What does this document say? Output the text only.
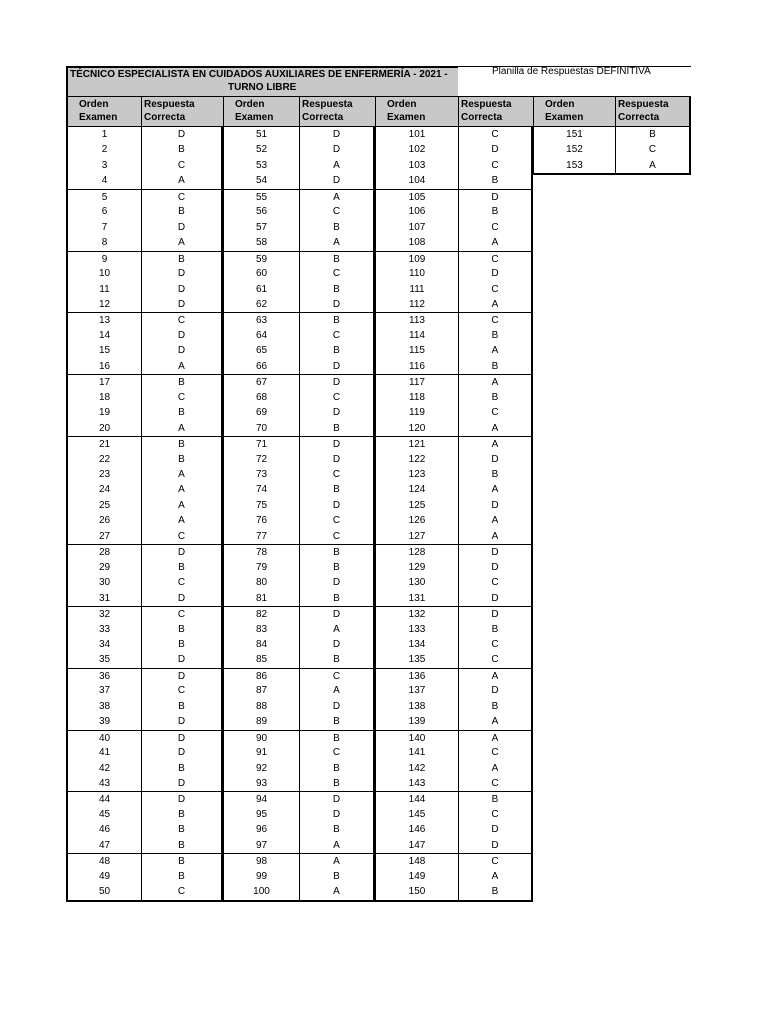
TÉCNICO ESPECIALISTA EN CUIDADOS AUXILIARES DE ENFERMERÍA - 2021 -
TURNO LIBRE
Planilla de Respuestas DEFINITIVA
Orden
Examen
Respuesta
Correcta
1
2
3
4
5
6
7
8
9
10
11
12
13
14
15
16
17
18
19
20
21
22
23
24
25
26
27
28
29
30
31
32
33
34
35
36
37
38
39
40
41
42
43
44
45
46
47
48
49
50
D
B
C
A
C
B
D
A
B
D
D
D
C
D
D
A
B
C
B
A
B
B
A
A
A
A
C
D
B
C
D
C
B
B
D
D
C
B
D
D
D
B
D
D
B
B
B
B
B
C
Orden
Examen
Respuesta
Correcta
51
52
53
54
55
56
57
58
59
60
61
62
63
64
65
66
67
68
69
70
71
72
73
74
75
76
77
78
79
80
81
82
83
84
85
86
87
88
89
90
91
92
93
94
95
96
97
98
99
100
D
D
A
D
A
C
B
A
B
C
B
D
B
C
B
D
D
C
D
B
D
D
C
B
D
C
C
B
B
D
B
D
A
D
B
C
A
D
B
B
C
B
B
D
D
B
A
A
B
A
Orden
Examen
Respuesta
Correcta
101
102
103
104
105
106
107
108
109
110
111
112
113
114
115
116
117
118
119
120
121
122
123
124
125
126
127
128
129
130
131
132
133
134
135
136
137
138
139
140
141
142
143
144
145
146
147
148
149
150
C
D
C
B
D
B
C
A
C
D
C
A
C
B
A
B
A
B
C
A
A
D
B
A
D
A
A
D
D
C
D
D
B
C
C
A
D
B
A
A
C
A
C
B
C
D
D
C
A
B
Orden
Examen
Respuesta
Correcta
151
152
153
B
C
A
